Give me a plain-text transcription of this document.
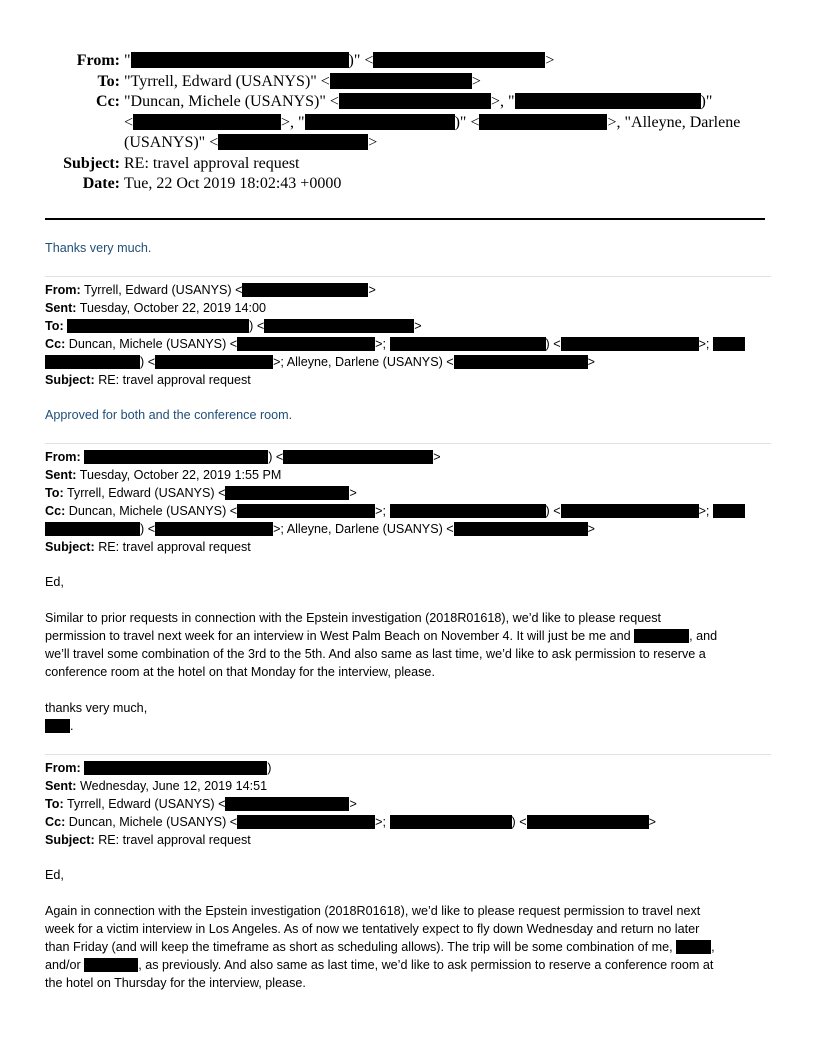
From: "	)" <	>
To: "Tyrrell, Edward (USANYS)" <	>
Cc: "Duncan, Michele (USANYS)" <	>, "	)"
<	>, "	)" <	>, "Alleyne, Darlene
(USANYS)" <	>
Subject: RE: travel approval request
Date: Tue, 22 Oct 2019 18:02:43 +0000
Thanks very much.
From: Tyrrell, Edward (USANYS) <	>
Sent: Tuesday, October 22, 2019 14:00
To:	) <	>
Cc: Duncan, Michele (USANYS) <	>;	) <	>;
) <	>; Alleyne, Darlene (USANYS) <	>
Subject: RE: travel approval request
Approved for both and the conference room.
From:	) <	>
Sent: Tuesday, October 22, 2019 1:55 PM
To: Tyrrell, Edward (USANYS) <	>
Cc: Duncan, Michele (USANYS) <	>;	) <	>;
) <	>; Alleyne, Darlene (USANYS) <	>
Subject: RE: travel approval request
Ed,
Similar to prior requests in connection with the Epstein investigation (2018R01618), we’d like to please request
permission to travel next week for an interview in West Palm Beach on November 4. It will just be me and	, and
we’ll travel some combination of the 3rd to the 5th. And also same as last time, we’d like to ask permission to reserve a
conference room at the hotel on that Monday for the interview, please.
thanks very much,
.
From:	)
Sent: Wednesday, June 12, 2019 14:51
To: Tyrrell, Edward (USANYS) <	>
Cc: Duncan, Michele (USANYS) <	>;	) <	>
Subject: RE: travel approval request
Ed,
Again in connection with the Epstein investigation (2018R01618), we’d like to please request permission to travel next
week for a victim interview in Los Angeles. As of now we tentatively expect to fly down Wednesday and return no later
than Friday (and will keep the timeframe as short as scheduling allows). The trip will be some combination of me,	,
and/or	, as previously. And also same as last time, we’d like to ask permission to reserve a conference room at
the hotel on Thursday for the interview, please.
